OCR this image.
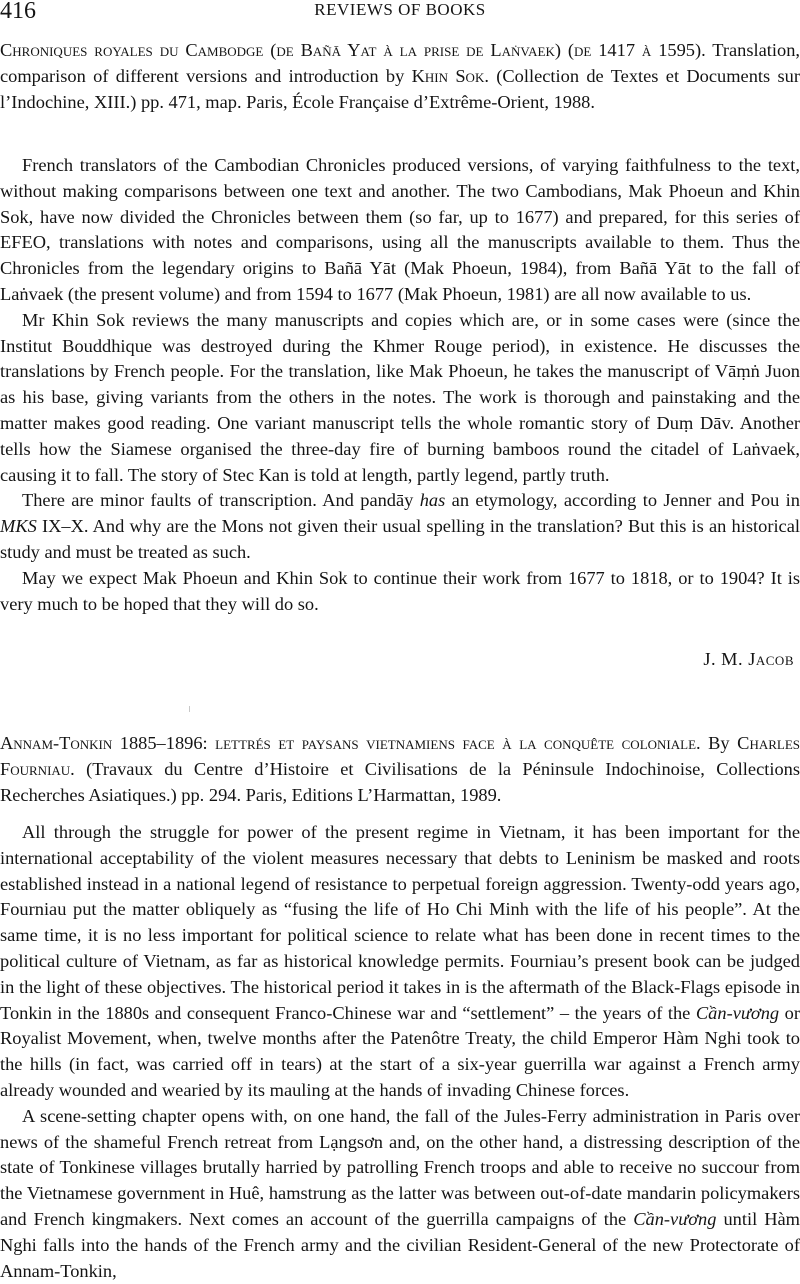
416	REVIEWS OF BOOKS

Chroniques royales du Cambodge (de Bañā Yat à la prise de Laṅvaek) (de 1417 à 1595). Translation, comparison of different versions and introduction by Khin Sok. (Collection de Textes et Documents sur l’Indochine, XIII.) pp. 471, map. Paris, École Française d’Extrême-Orient, 1988.

French translators of the Cambodian Chronicles produced versions, of varying faithfulness to the text, without making comparisons between one text and another. The two Cambodians, Mak Phoeun and Khin Sok, have now divided the Chronicles between them (so far, up to 1677) and prepared, for this series of EFEO, translations with notes and comparisons, using all the manuscripts available to them. Thus the Chronicles from the legendary origins to Bañā Yāt (Mak Phoeun, 1984), from Bañā Yāt to the fall of Laṅvaek (the present volume) and from 1594 to 1677 (Mak Phoeun, 1981) are all now available to us.

Mr Khin Sok reviews the many manuscripts and copies which are, or in some cases were (since the Institut Bouddhique was destroyed during the Khmer Rouge period), in existence. He discusses the translations by French people. For the translation, like Mak Phoeun, he takes the manuscript of Vāṃṅ Juon as his base, giving variants from the others in the notes. The work is thorough and painstaking and the matter makes good reading. One variant manuscript tells the whole romantic story of Duṃ Dāv. Another tells how the Siamese organised the three-day fire of burning bamboos round the citadel of Laṅvaek, causing it to fall. The story of Stec Kan is told at length, partly legend, partly truth.

There are minor faults of transcription. And pandāy has an etymology, according to Jenner and Pou in MKS IX–X. And why are the Mons not given their usual spelling in the translation? But this is an historical study and must be treated as such.

May we expect Mak Phoeun and Khin Sok to continue their work from 1677 to 1818, or to 1904? It is very much to be hoped that they will do so.

J. M. Jacob

Annam-Tonkin 1885–1896: lettrés et paysans vietnamiens face à la conquête coloniale. By Charles Fourniau. (Travaux du Centre d’Histoire et Civilisations de la Péninsule Indochinoise, Collections Recherches Asiatiques.) pp. 294. Paris, Editions L’Harmattan, 1989.

All through the struggle for power of the present regime in Vietnam, it has been important for the international acceptability of the violent measures necessary that debts to Leninism be masked and roots established instead in a national legend of resistance to perpetual foreign aggression. Twenty-odd years ago, Fourniau put the matter obliquely as “fusing the life of Ho Chi Minh with the life of his people”. At the same time, it is no less important for political science to relate what has been done in recent times to the political culture of Vietnam, as far as historical knowledge permits. Fourniau’s present book can be judged in the light of these objectives. The historical period it takes in is the aftermath of the Black-Flags episode in Tonkin in the 1880s and consequent Franco-Chinese war and “settlement” – the years of the Cần-vương or Royalist Movement, when, twelve months after the Patenôtre Treaty, the child Emperor Hàm Nghi took to the hills (in fact, was carried off in tears) at the start of a six-year guerrilla war against a French army already wounded and wearied by its mauling at the hands of invading Chinese forces.

A scene-setting chapter opens with, on one hand, the fall of the Jules-Ferry administration in Paris over news of the shameful French retreat from Lạngsơn and, on the other hand, a distressing description of the state of Tonkinese villages brutally harried by patrolling French troops and able to receive no succour from the Vietnamese government in Huê, hamstrung as the latter was between out-of-date mandarin policymakers and French kingmakers. Next comes an account of the guerrilla campaigns of the Cần-vương until Hàm Nghi falls into the hands of the French army and the civilian Resident-General of the new Protectorate of Annam-Tonkin,
